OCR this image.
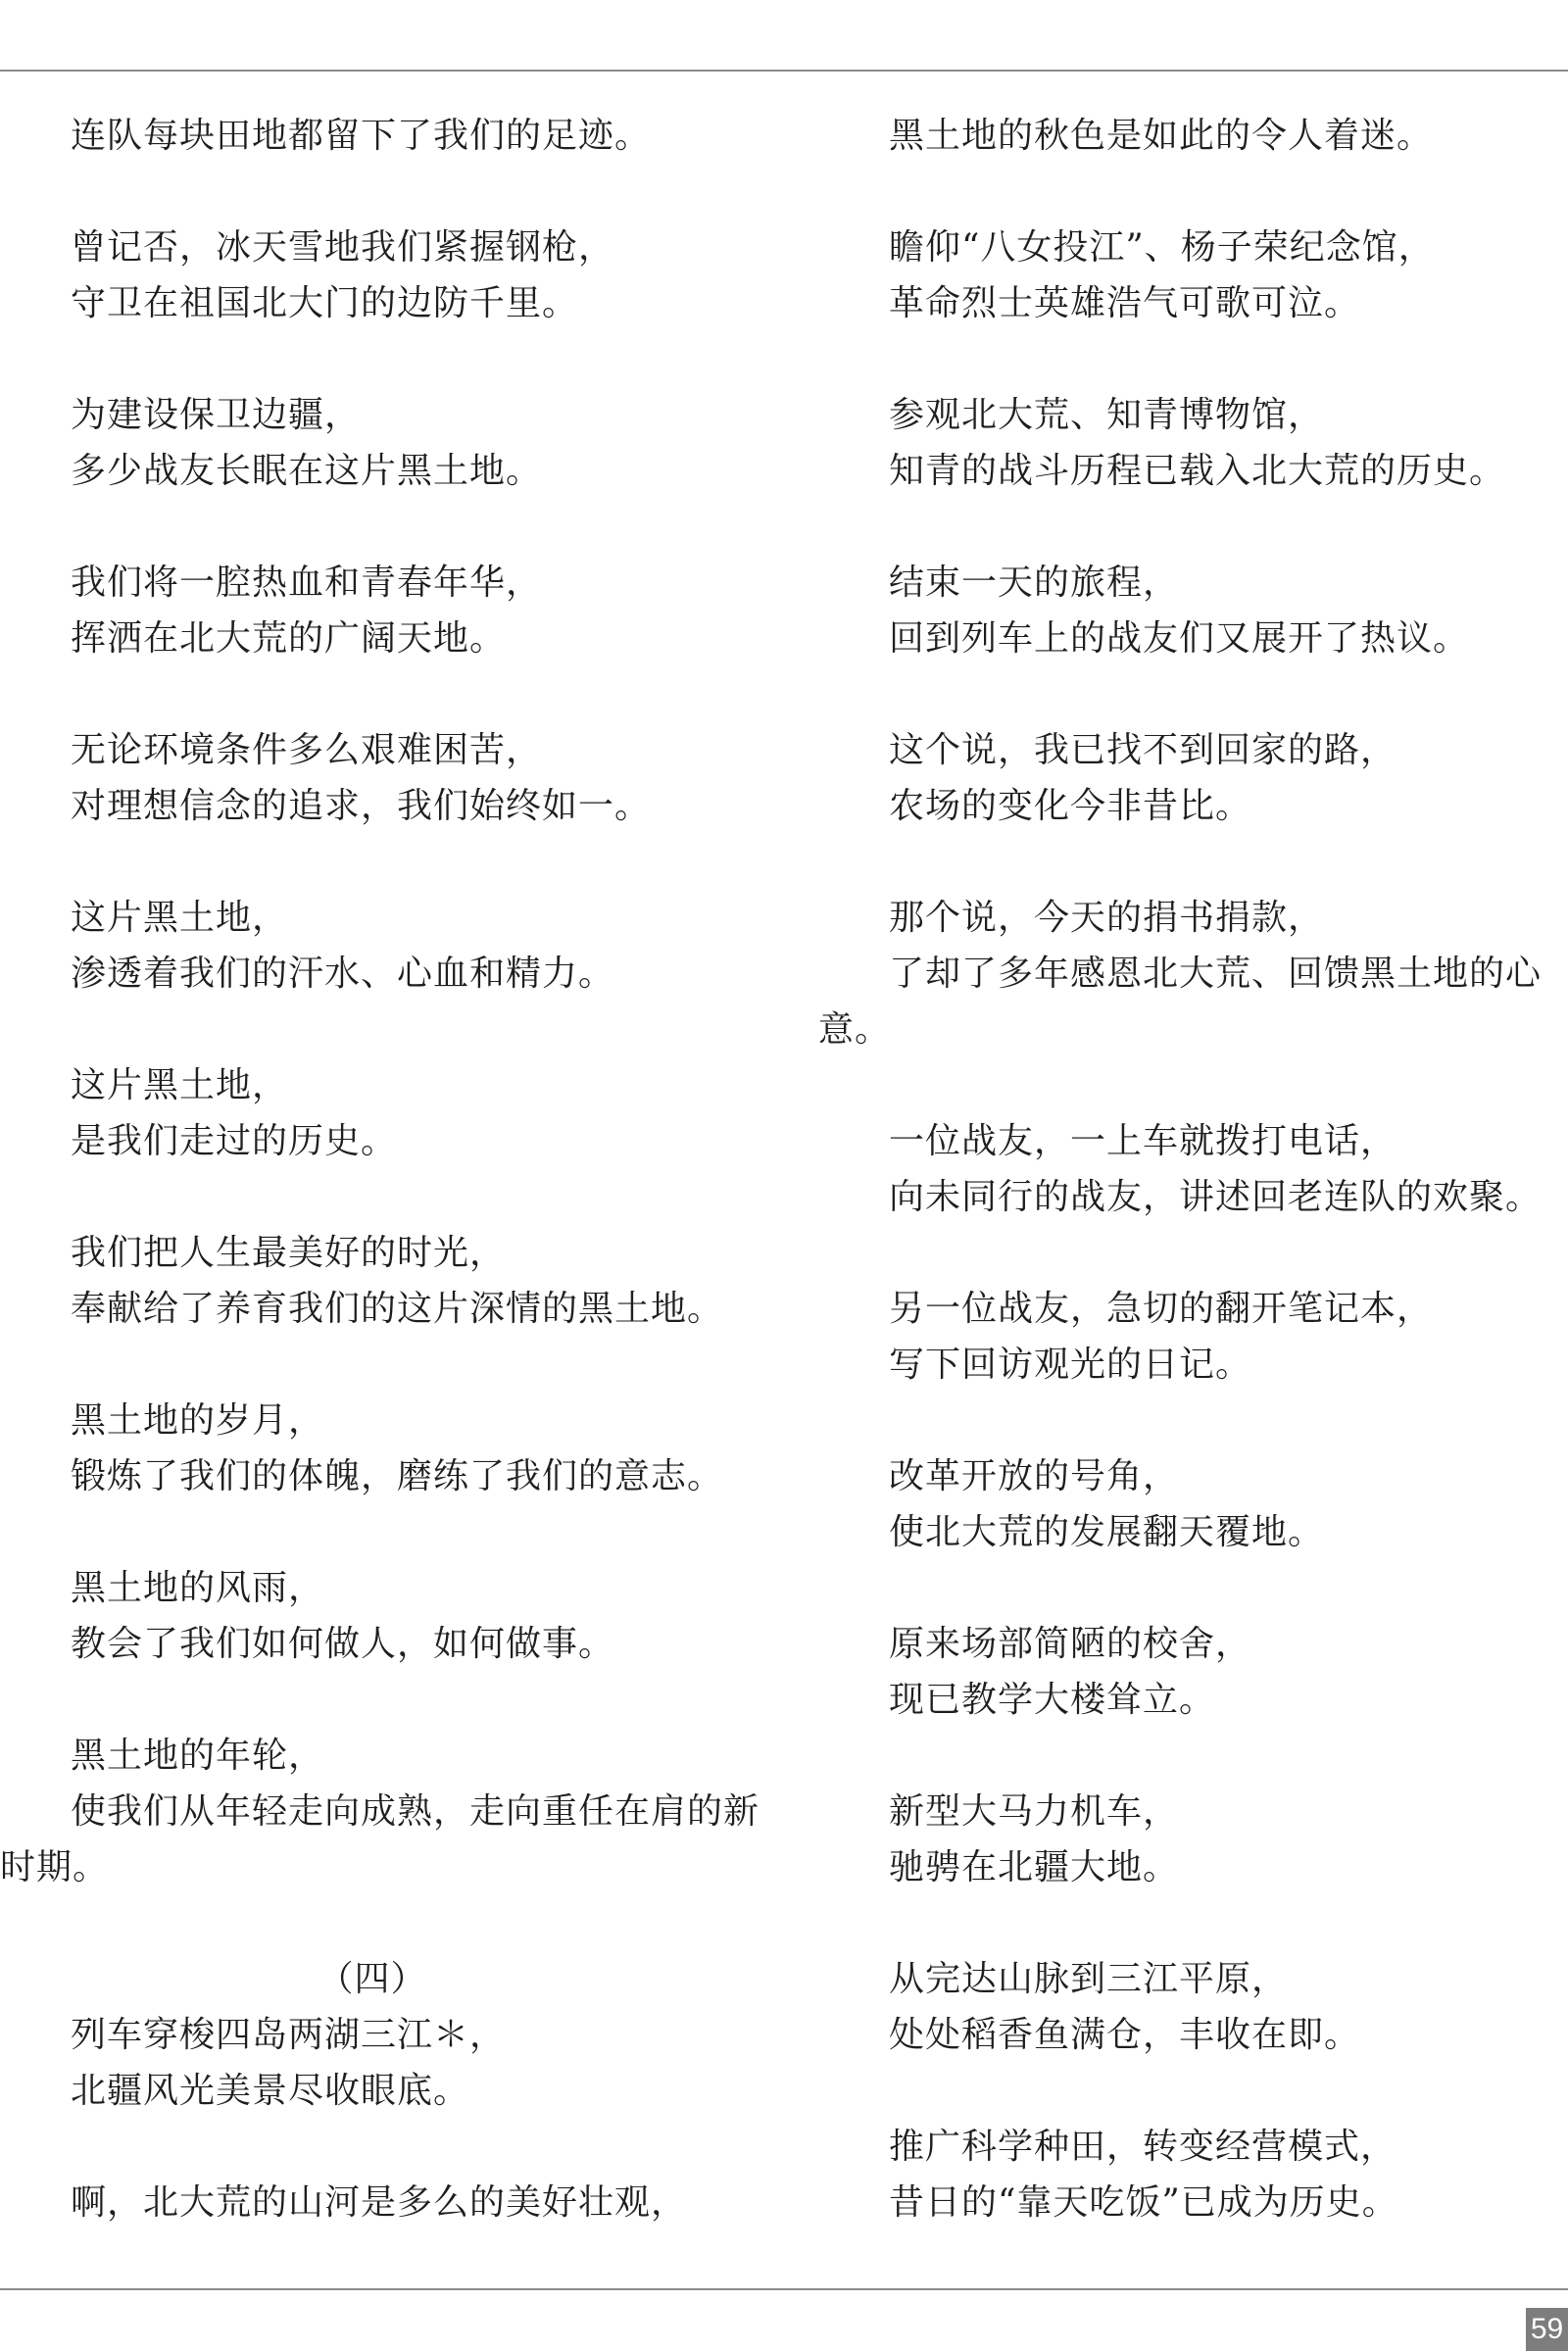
连队每块田地都留下了我们的足迹。
曾记否，冰天雪地我们紧握钢枪，
守卫在祖国北大门的边防千里。
为建设保卫边疆，
多少战友长眠在这片黑土地。
我们将一腔热血和青春年华，
挥洒在北大荒的广阔天地。
无论环境条件多么艰难困苦，
对理想信念的追求，我们始终如一。
这片黑土地，
渗透着我们的汗水、心血和精力。
这片黑土地，
是我们走过的历史。
我们把人生最美好的时光，
奉献给了养育我们的这片深情的黑土地。
黑土地的岁月，
锻炼了我们的体魄，磨练了我们的意志。
黑土地的风雨，
教会了我们如何做人，如何做事。
黑土地的年轮，
使我们从年轻走向成熟，走向重任在肩的新
时期。
（四）
列车穿梭四岛两湖三江＊，
北疆风光美景尽收眼底。
啊，北大荒的山河是多么的美好壮观，
黑土地的秋色是如此的令人着迷。
瞻仰“八女投江”、杨子荣纪念馆，
革命烈士英雄浩气可歌可泣。
参观北大荒、知青博物馆，
知青的战斗历程已载入北大荒的历史。
结束一天的旅程，
回到列车上的战友们又展开了热议。
这个说，我已找不到回家的路，
农场的变化今非昔比。
那个说，今天的捐书捐款，
了却了多年感恩北大荒、回馈黑土地的心
意。
一位战友，一上车就拨打电话，
向未同行的战友，讲述回老连队的欢聚。
另一位战友，急切的翻开笔记本，
写下回访观光的日记。
改革开放的号角，
使北大荒的发展翻天覆地。
原来场部简陋的校舍，
现已教学大楼耸立。
新型大马力机车，
驰骋在北疆大地。
从完达山脉到三江平原，
处处稻香鱼满仓，丰收在即。
推广科学种田，转变经营模式，
昔日的“靠天吃饭”已成为历史。
59
